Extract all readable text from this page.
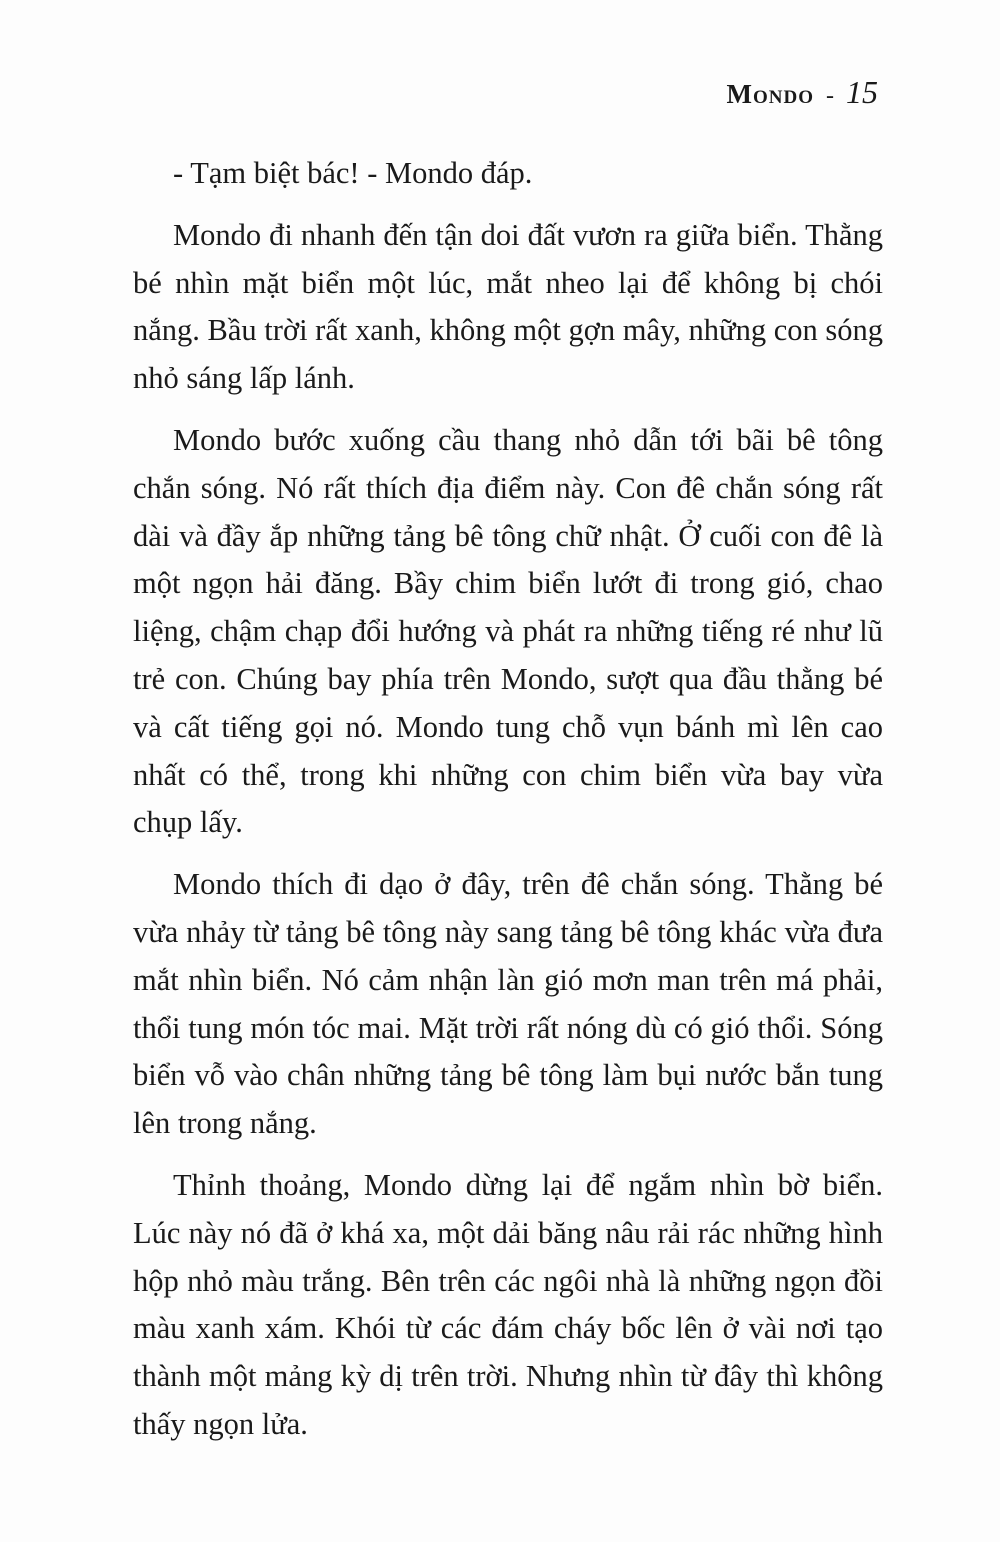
Mondo - 15

- Tạm biệt bác! - Mondo đáp.

Mondo đi nhanh đến tận doi đất vươn ra giữa biển. Thằng bé nhìn mặt biển một lúc, mắt nheo lại để không bị chói nắng. Bầu trời rất xanh, không một gợn mây, những con sóng nhỏ sáng lấp lánh.

Mondo bước xuống cầu thang nhỏ dẫn tới bãi bê tông chắn sóng. Nó rất thích địa điểm này. Con đê chắn sóng rất dài và đầy ắp những tảng bê tông chữ nhật. Ở cuối con đê là một ngọn hải đăng. Bầy chim biển lướt đi trong gió, chao liệng, chậm chạp đổi hướng và phát ra những tiếng ré như lũ trẻ con. Chúng bay phía trên Mondo, sượt qua đầu thằng bé và cất tiếng gọi nó. Mondo tung chỗ vụn bánh mì lên cao nhất có thể, trong khi những con chim biển vừa bay vừa chụp lấy.

Mondo thích đi dạo ở đây, trên đê chắn sóng. Thằng bé vừa nhảy từ tảng bê tông này sang tảng bê tông khác vừa đưa mắt nhìn biển. Nó cảm nhận làn gió mơn man trên má phải, thổi tung món tóc mai. Mặt trời rất nóng dù có gió thổi. Sóng biển vỗ vào chân những tảng bê tông làm bụi nước bắn tung lên trong nắng.

Thỉnh thoảng, Mondo dừng lại để ngắm nhìn bờ biển. Lúc này nó đã ở khá xa, một dải băng nâu rải rác những hình hộp nhỏ màu trắng. Bên trên các ngôi nhà là những ngọn đồi màu xanh xám. Khói từ các đám cháy bốc lên ở vài nơi tạo thành một mảng kỳ dị trên trời. Nhưng nhìn từ đây thì không thấy ngọn lửa.
